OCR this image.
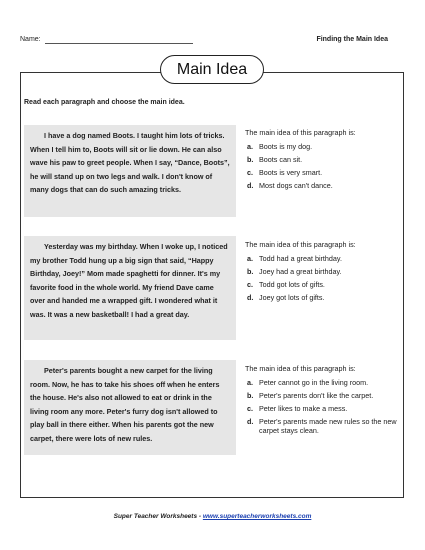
Name:	Finding the Main Idea
Main Idea
Read each paragraph and choose the main idea.

I have a dog named Boots. I taught him lots of tricks. When I tell him to, Boots will sit or lie down. He can also wave his paw to greet people. When I say, “Dance, Boots”, he will stand up on two legs and walk. I don't know of many dogs that can do such amazing tricks.

The main idea of this paragraph is:

a. Boots is my dog.
b. Boots can sit.
c. Boots is very smart.
d. Most dogs can't dance.

Yesterday was my birthday. When I woke up, I noticed my brother Todd hung up a big sign that said, “Happy Birthday, Joey!” Mom made spaghetti for dinner. It's my favorite food in the whole world. My friend Dave came over and handed me a wrapped gift. I wondered what it was. It was a new basketball! I had a great day.

The main idea of this paragraph is:

a. Todd had a great birthday.
b. Joey had a great birthday.
c. Todd got lots of gifts.
d. Joey got lots of gifts.

Peter's parents bought a new carpet for the living room. Now, he has to take his shoes off when he enters the house. He's also not allowed to eat or drink in the living room any more. Peter's furry dog isn't allowed to play ball in there either. When his parents got the new carpet, there were lots of new rules.

The main idea of this paragraph is:

a. Peter cannot go in the living room.
b. Peter's parents don't like the carpet.
c. Peter likes to make a mess.
d. Peter's parents made new rules so the new carpet stays clean.
Super Teacher Worksheets - www.superteacherworksheets.com
